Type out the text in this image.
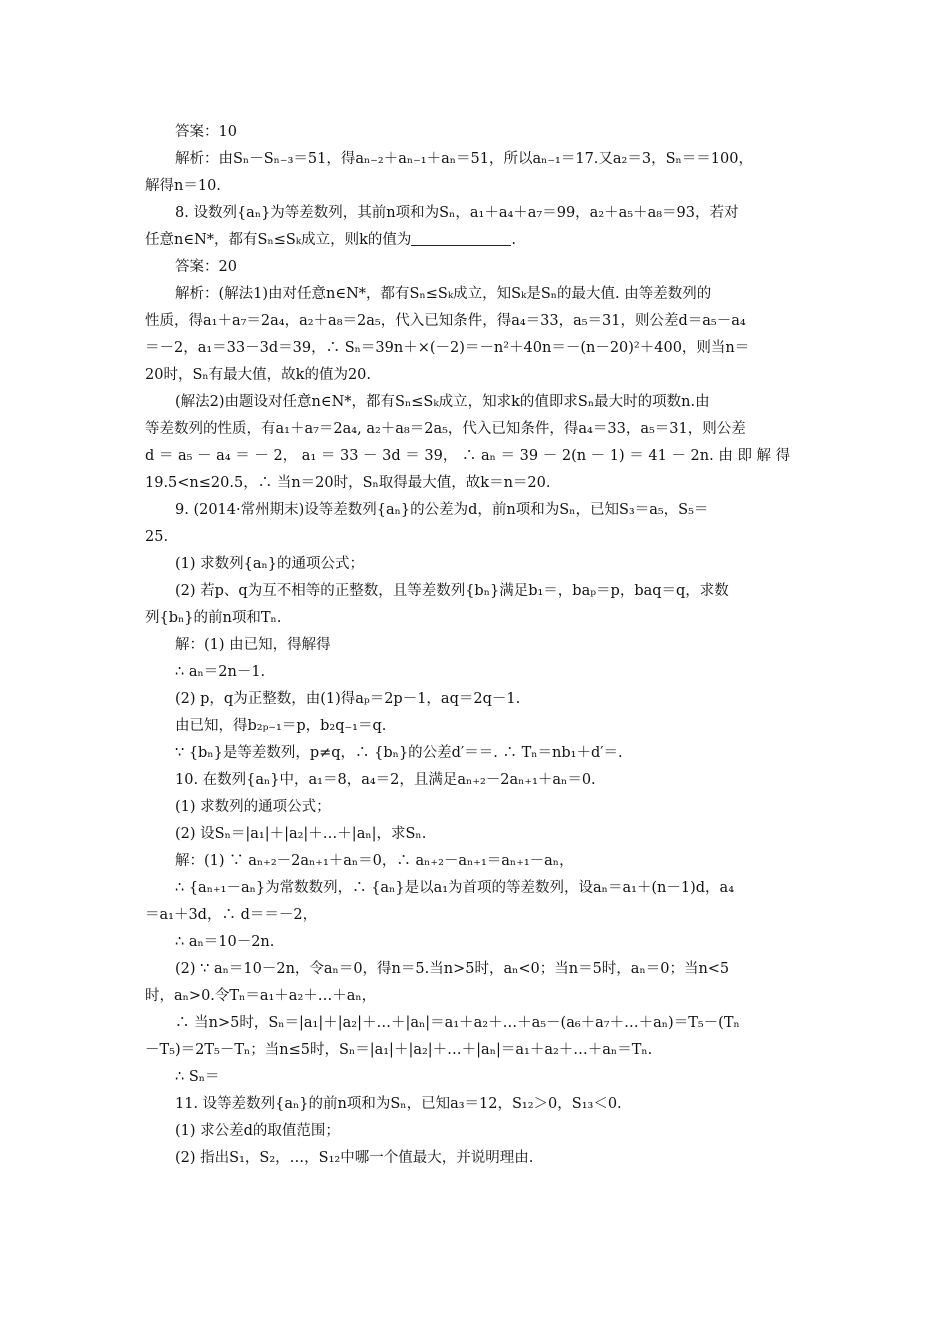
答案：10
解析：由Sₙ－Sₙ₋₃＝51，得aₙ₋₂＋aₙ₋₁＋aₙ＝51，所以aₙ₋₁＝17.又a₂＝3，Sₙ＝＝100，
解得n＝10.
8. 设数列{aₙ}为等差数列，其前n项和为Sₙ，a₁＋a₄＋a₇＝99，a₂＋a₅＋a₈＝93，若对
任意n∈N*，都有Sₙ≤Sₖ成立，则k的值为	.
答案：20
解析：(解法1)由对任意n∈N*，都有Sₙ≤Sₖ成立，知Sₖ是Sₙ的最大值. 由等差数列的
性质，得a₁＋a₇＝2a₄，a₂＋a₈＝2a₅，代入已知条件，得a₄＝33，a₅＝31，则公差d＝a₅－a₄
＝－2，a₁＝33－3d＝39，∴ Sₙ＝39n＋×(－2)＝－n²＋40n＝－(n－20)²＋400，则当n＝
20时，Sₙ有最大值，故k的值为20.
(解法2)由题设对任意n∈N*，都有Sₙ≤Sₖ成立，知求k的值即求Sₙ最大时的项数n.由
等差数列的性质，有a₁＋a₇＝2a₄, a₂＋a₈＝2a₅，代入已知条件，得a₄＝33，a₅＝31，则公差
d ＝ a₅ － a₄ ＝ － 2， a₁ ＝ 33 － 3d ＝ 39， ∴ aₙ ＝ 39 － 2(n － 1) ＝ 41 － 2n. 由 即 解 得
19.5<n≤20.5，∴ 当n＝20时，Sₙ取得最大值，故k＝n＝20.
9. (2014·常州期末)设等差数列{aₙ}的公差为d，前n项和为Sₙ，已知S₃＝a₅，S₅＝
25.
(1) 求数列{aₙ}的通项公式；
(2) 若p、q为互不相等的正整数，且等差数列{bₙ}满足b₁＝，baₚ＝p，baq＝q，求数
列{bₙ}的前n项和Tₙ.
解：(1) 由已知，得解得
∴ aₙ＝2n－1.
(2) p，q为正整数，由(1)得aₚ＝2p－1，aq＝2q－1.
由已知，得b₂ₚ₋₁＝p，b₂q₋₁＝q.
∵ {bₙ}是等差数列，p≠q，∴ {bₙ}的公差d′＝＝. ∴ Tₙ＝nb₁＋d′＝.
10. 在数列{aₙ}中，a₁＝8，a₄＝2，且满足aₙ₊₂－2aₙ₊₁＋aₙ＝0.
(1) 求数列的通项公式；
(2) 设Sₙ＝|a₁|＋|a₂|＋…＋|aₙ|，求Sₙ.
解：(1) ∵ aₙ₊₂－2aₙ₊₁＋aₙ＝0，∴ aₙ₊₂－aₙ₊₁＝aₙ₊₁－aₙ，
∴ {aₙ₊₁－aₙ}为常数数列，∴ {aₙ}是以a₁为首项的等差数列，设aₙ＝a₁＋(n－1)d，a₄
＝a₁＋3d，∴ d＝＝－2，
∴ aₙ＝10－2n.
(2) ∵ aₙ＝10－2n，令aₙ＝0，得n＝5.当n>5时，aₙ<0；当n＝5时，aₙ＝0；当n<5
时，aₙ>0.令Tₙ＝a₁＋a₂＋…＋aₙ，
∴ 当n>5时，Sₙ＝|a₁|＋|a₂|＋…＋|aₙ|＝a₁＋a₂＋…＋a₅－(a₆＋a₇＋…＋aₙ)＝T₅－(Tₙ
－T₅)＝2T₅－Tₙ；当n≤5时，Sₙ＝|a₁|＋|a₂|＋…＋|aₙ|＝a₁＋a₂＋…＋aₙ＝Tₙ.
∴ Sₙ＝
11. 设等差数列{aₙ}的前n项和为Sₙ，已知a₃＝12，S₁₂＞0，S₁₃＜0.
(1) 求公差d的取值范围；
(2) 指出S₁，S₂，…，S₁₂中哪一个值最大，并说明理由.
